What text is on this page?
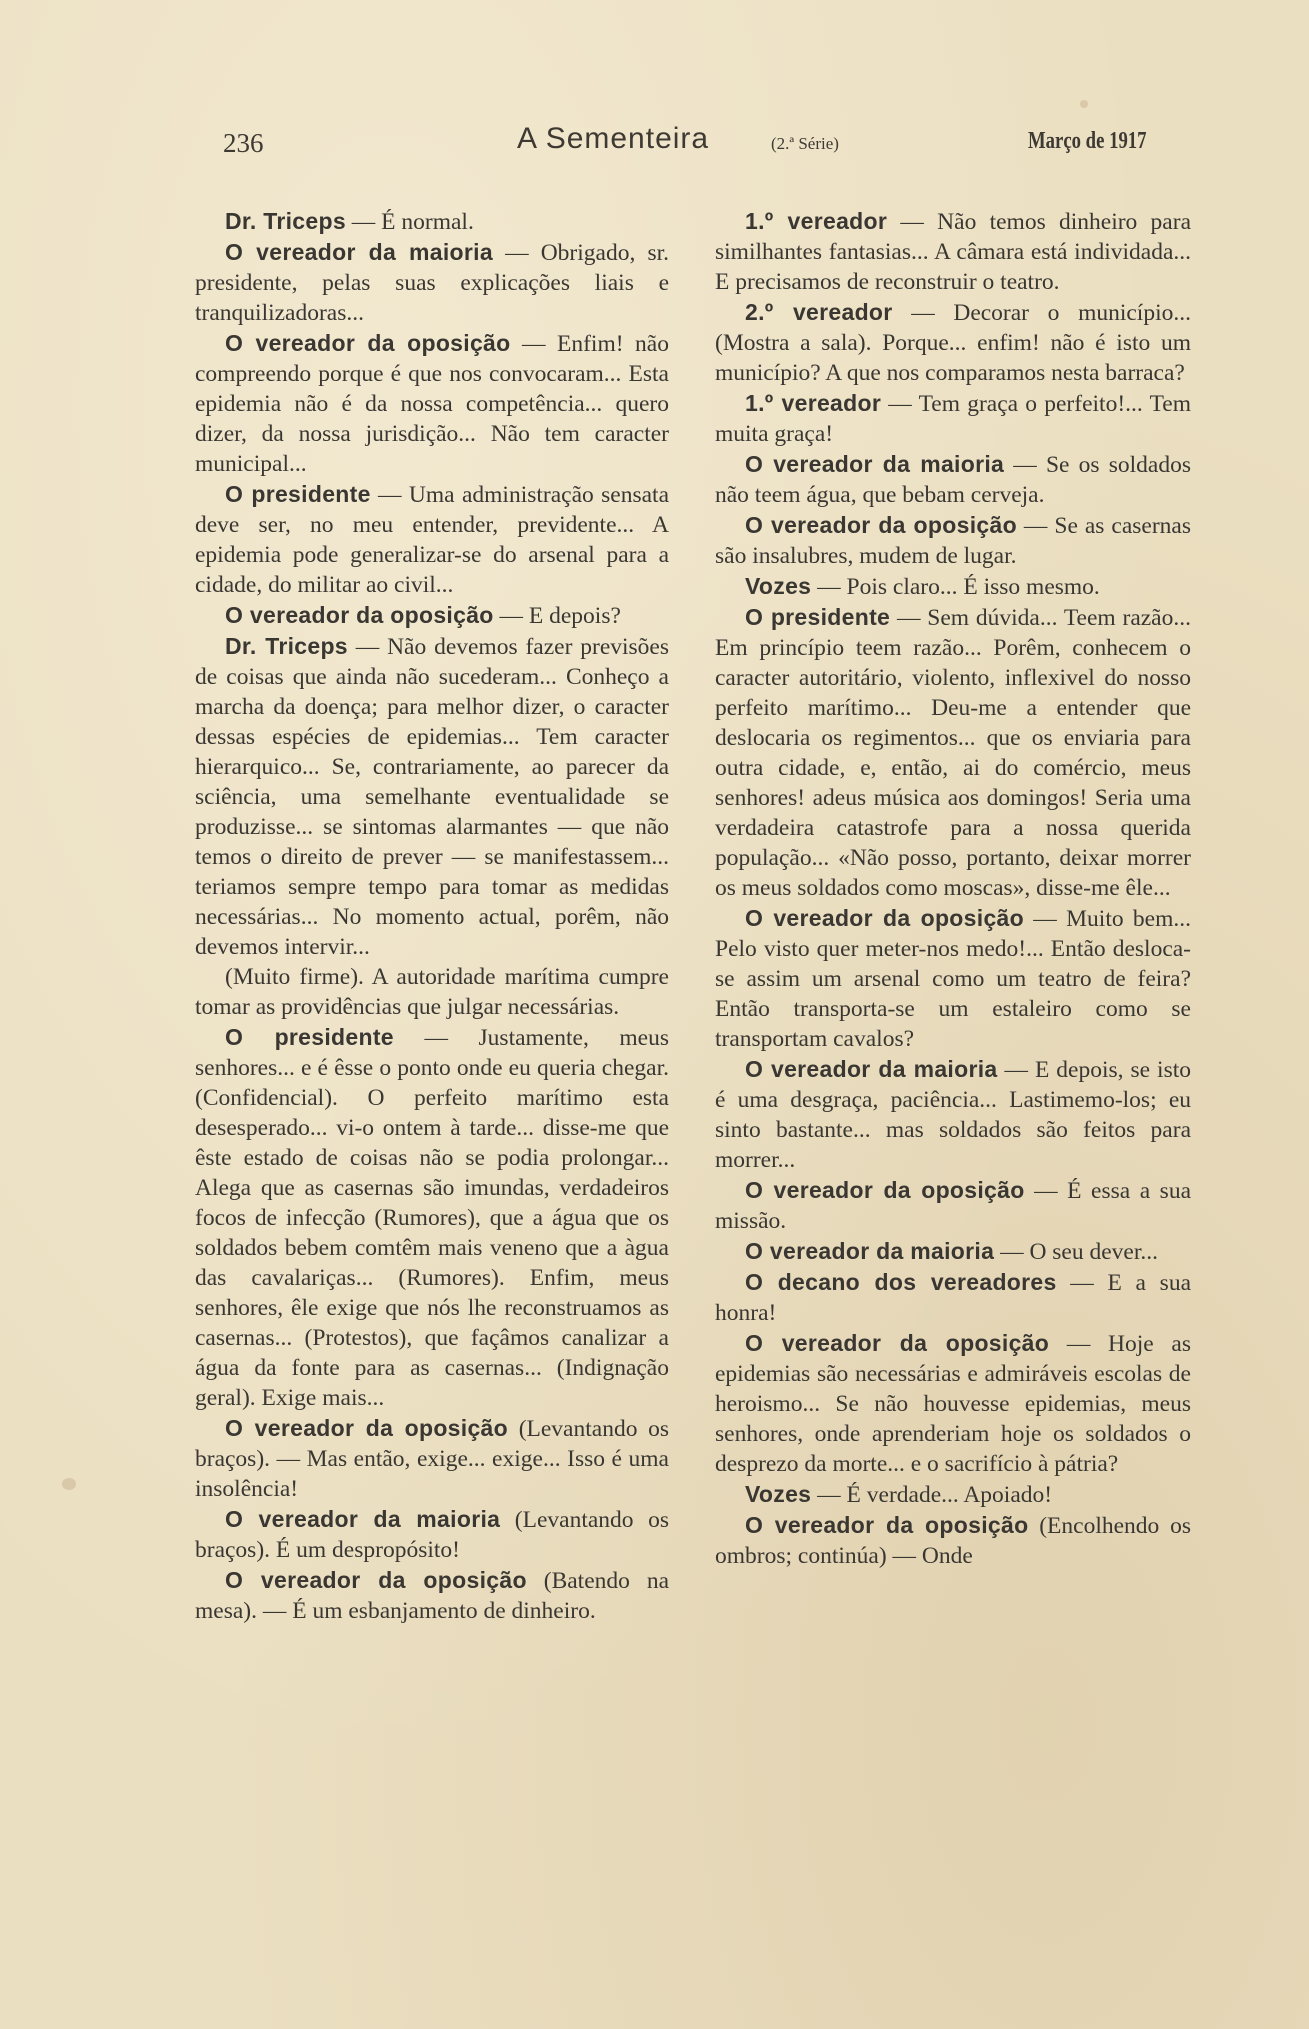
236	A Sementeira	(2.ª Série)	Março de 1917

Dr. Triceps — É normal.

O vereador da maioria — Obrigado, sr. presidente, pelas suas explicações liais e tranquilizadoras...

O vereador da oposição — Enfim! não compreendo porque é que nos convocaram... Esta epidemia não é da nossa competência... quero dizer, da nossa jurisdição... Não tem caracter municipal...

O presidente — Uma administração sensata deve ser, no meu entender, previdente... A epidemia pode generalizar-se do arsenal para a cidade, do militar ao civil...

O vereador da oposição — E depois?

Dr. Triceps — Não devemos fazer previsões de coisas que ainda não sucederam... Conheço a marcha da doença; para melhor dizer, o caracter dessas espécies de epidemias... Tem caracter hierarquico... Se, contrariamente, ao parecer da sciência, uma semelhante eventualidade se produzisse... se sintomas alarmantes — que não temos o direito de prever — se manifestassem... teriamos sempre tempo para tomar as medidas necessárias... No momento actual, porêm, não devemos intervir...

(Muito firme). A autoridade marítima cumpre tomar as providências que julgar necessárias.

O presidente — Justamente, meus senhores... e é êsse o ponto onde eu queria chegar. (Confidencial). O perfeito marítimo esta desesperado... vi-o ontem à tarde... disse-me que êste estado de coisas não se podia prolongar... Alega que as casernas são imundas, verdadeiros focos de infecção (Rumores), que a água que os soldados bebem comtêm mais veneno que a àgua das cavalariças... (Rumores). Enfim, meus senhores, êle exige que nós lhe reconstruamos as casernas... (Protestos), que façâmos canalizar a água da fonte para as casernas... (Indignação geral). Exige mais...

O vereador da oposição (Levantando os braços). — Mas então, exige... exige... Isso é uma insolência!

O vereador da maioria (Levantando os braços). É um despropósito!

O vereador da oposição (Batendo na mesa). — É um esbanjamento de dinheiro.

1.º vereador — Não temos dinheiro para similhantes fantasias... A câmara está individada... E precisamos de reconstruir o teatro.

2.º vereador — Decorar o município... (Mostra a sala). Porque... enfim! não é isto um município? A que nos comparamos nesta barraca?

1.º vereador — Tem graça o perfeito!... Tem muita graça!

O vereador da maioria — Se os soldados não teem água, que bebam cerveja.

O vereador da oposição — Se as casernas são insalubres, mudem de lugar.

Vozes — Pois claro... É isso mesmo.

O presidente — Sem dúvida... Teem razão... Em princípio teem razão... Porêm, conhecem o caracter autoritário, violento, inflexivel do nosso perfeito marítimo... Deu-me a entender que deslocaria os regimentos... que os enviaria para outra cidade, e, então, ai do comércio, meus senhores! adeus música aos domingos! Seria uma verdadeira catastrofe para a nossa querida população... «Não posso, portanto, deixar morrer os meus soldados como moscas», disse-me êle...

O vereador da oposição — Muito bem... Pelo visto quer meter-nos medo!... Então desloca-se assim um arsenal como um teatro de feira? Então transporta-se um estaleiro como se transportam cavalos?

O vereador da maioria — E depois, se isto é uma desgraça, paciência... Lastimemo-los; eu sinto bastante... mas soldados são feitos para morrer...

O vereador da oposição — É essa a sua missão.

O vereador da maioria — O seu dever...

O decano dos vereadores — E a sua honra!

O vereador da oposição — Hoje as epidemias são necessárias e admiráveis escolas de heroismo... Se não houvesse epidemias, meus senhores, onde aprenderiam hoje os soldados o desprezo da morte... e o sacrifício à pátria?

Vozes — É verdade... Apoiado!

O vereador da oposição (Encolhendo os ombros; continúa) — Onde
